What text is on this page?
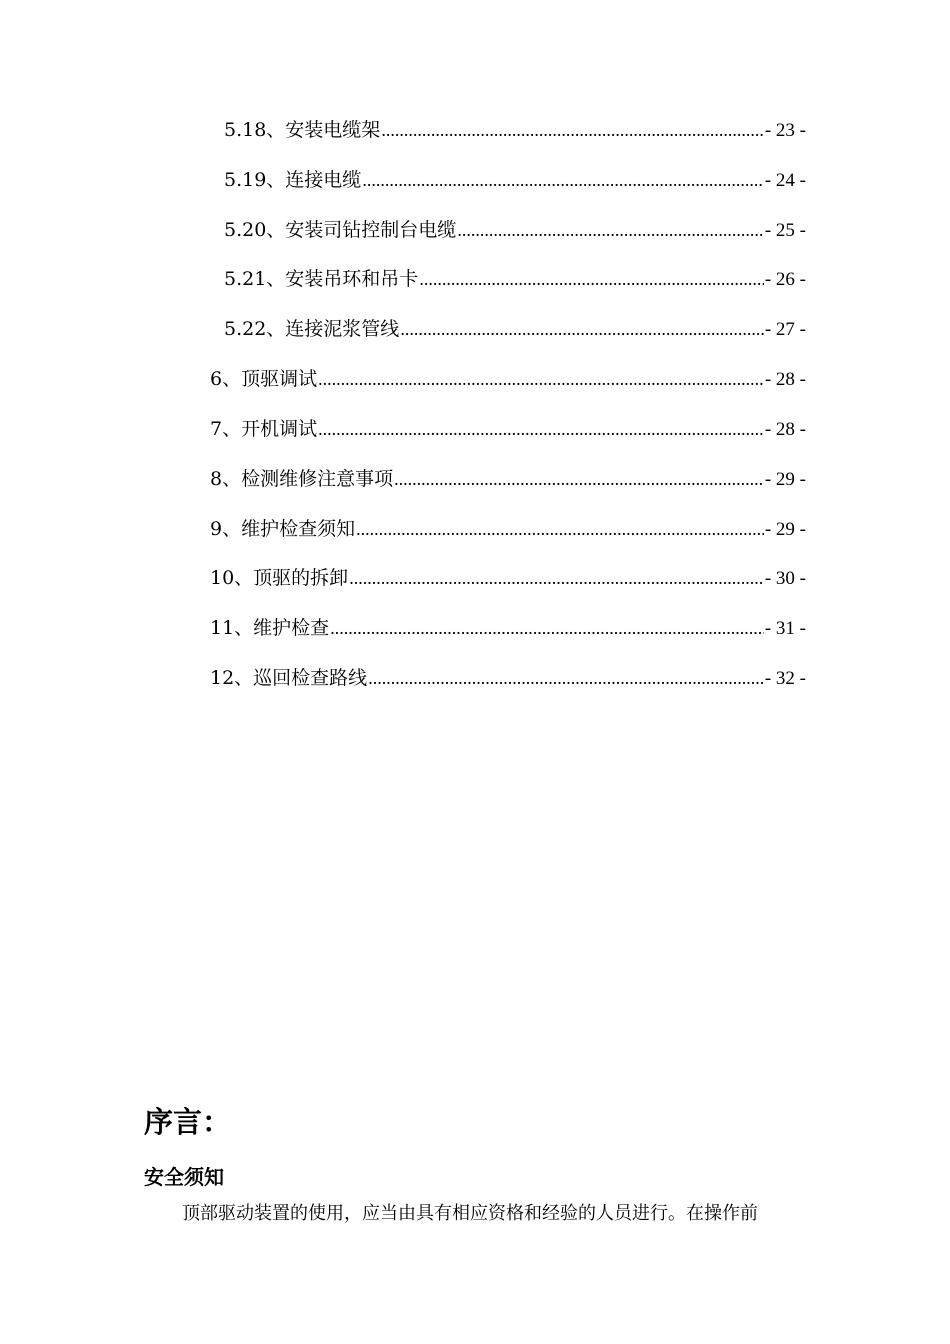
5.18、安装电缆架 .....	- 23 -
5.19、连接电缆 .....	- 24 -
5.20、安装司钻控制台电缆 .....	- 25 -
5.21、安装吊环和吊卡 .....	- 26 -
5.22、连接泥浆管线 .....	- 27 -
6、顶驱调试 .....	- 28 -
7、开机调试 .....	- 28 -
8、检测维修注意事项 .....	- 29 -
9、维护检查须知 .....	- 29 -
10、顶驱的拆卸 .....	- 30 -
11、维护检查 .....	- 31 -
12、巡回检查路线 .....	- 32 -
序言：
安全须知
顶部驱动装置的使用，应当由具有相应资格和经验的人员进行。在操作前
